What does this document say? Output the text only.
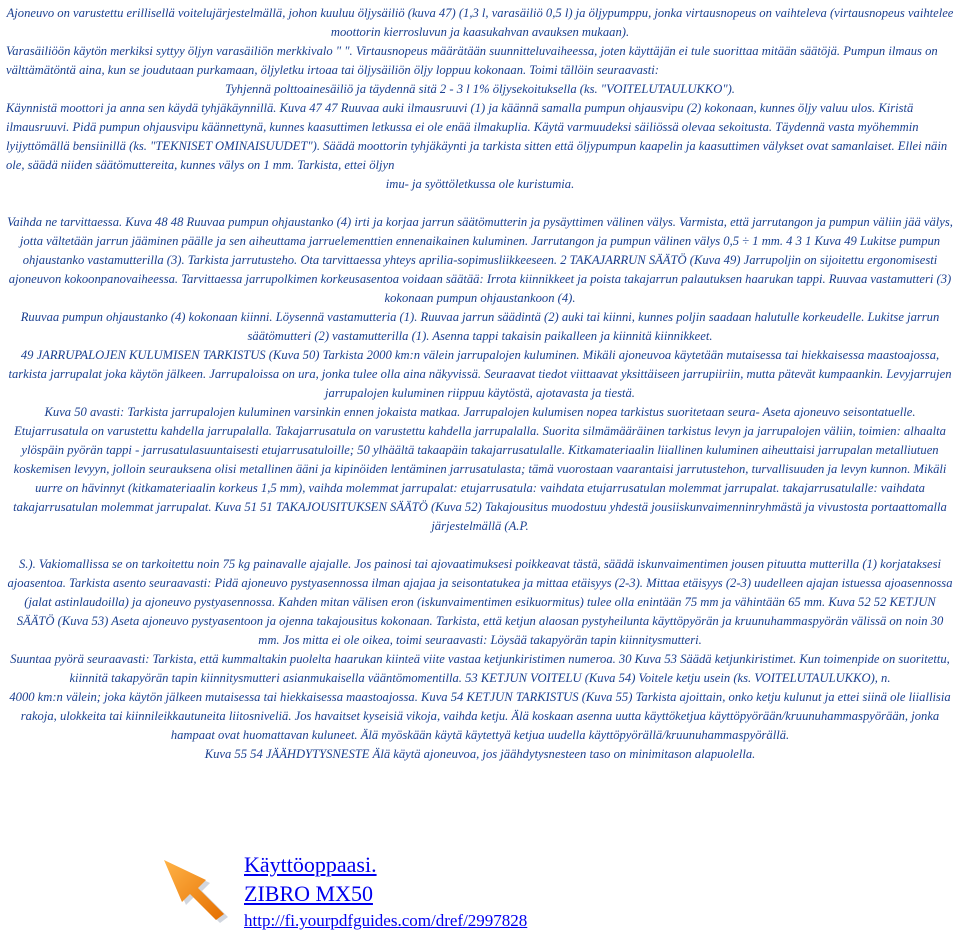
Ajoneuvo on varustettu erillisellä voitelujärjestelmällä, johon kuuluu öljysäiliö (kuva 47) (1,3 l, varasäiliö 0,5 l) ja öljypumppu, jonka virtausnopeus on vaihteleva (virtausnopeus vaihtelee moottorin kierrosluvun ja kaasukahvan avauksen mukaan).

Varasäiliöön käytön merkiksi syttyy öljyn varasäiliön merkkivalo " ". Virtausnopeus määrätään suunnitteluvaiheessa, joten käyttäjän ei tule suorittaa mitään säätöjä. Pumpun ilmaus on välttämätöntä aina, kun se joudutaan purkamaan, öljyletku irtoaa tai öljysäiliön öljy loppuu kokonaan. Toimi tällöin seuraavasti:

Tyhjennä polttoainesäiliö ja täydennä sitä 2 - 3 l 1% öljysekoituksella (ks. "VOITELUTAULUKKO").

Käynnistä moottori ja anna sen käydä tyhjäkäynnillä. Kuva 47 47 Ruuvaa auki ilmausruuvi (1) ja käännä samalla pumpun ohjausvipu (2) kokonaan, kunnes öljy valuu ulos. Kiristä ilmausruuvi. Pidä pumpun ohjausvipu käännettynä, kunnes kaasuttimen letkussa ei ole enää ilmakuplia. Käytä varmuudeksi säiliössä olevaa sekoitusta. Täydennä vasta myöhemmin lyijyttömällä bensiinillä (ks. "TEKNISET OMINAISUUDET"). Säädä moottorin tyhjäkäynti ja tarkista sitten että öljypumpun kaapelin ja kaasuttimen välykset ovat samanlaiset. Ellei näin ole, säädä niiden säätömuttereita, kunnes välys on 1 mm. Tarkista, ettei öljyn

imu- ja syöttöletkussa ole kuristumia.

Vaihda ne tarvittaessa. Kuva 48 48 Ruuvaa pumpun ohjaustanko (4) irti ja korjaa jarrun säätömutterin ja pysäyttimen välinen välys. Varmista, että jarrutangon ja pumpun väliin jää välys, jotta vältetään jarrun jääminen päälle ja sen aiheuttama jarruelementtien ennenaikainen kuluminen. Jarrutangon ja pumpun välinen välys 0,5 ÷ 1 mm. 4 3 1 Kuva 49 Lukitse pumpun ohjaustanko vastamutterilla (3). Tarkista jarrutusteho. Ota tarvittaessa yhteys aprilia-sopimusliikkeeseen. 2 TAKAJARRUN SÄÄTÖ (Kuva 49) Jarrupoljin on sijoitettu ergonomisesti ajoneuvon kokoonpanovaiheessa. Tarvittaessa jarrupolkimen korkeusasentoa voidaan säätää: Irrota kiinnikkeet ja poista takajarrun palautuksen haarukan tappi. Ruuvaa vastamutteri (3) kokonaan pumpun ohjaustankoon (4).

Ruuvaa pumpun ohjaustanko (4) kokonaan kiinni. Löysennä vastamutteria (1). Ruuvaa jarrun säädintä (2) auki tai kiinni, kunnes poljin saadaan halutulle korkeudelle. Lukitse jarrun säätömutteri (2) vastamutterilla (1). Asenna tappi takaisin paikalleen ja kiinnitä kiinnikkeet.

49 JARRUPALOJEN KULUMISEN TARKISTUS (Kuva 50) Tarkista 2000 km:n välein jarrupalojen kuluminen. Mikäli ajoneuvoa käytetään mutaisessa tai hiekkaisessa maastoajossa, tarkista jarrupalat joka käytön jälkeen. Jarrupaloissa on ura, jonka tulee olla aina näkyvissä. Seuraavat tiedot viittaavat yksittäiseen jarrupiiriin, mutta pätevät kumpaankin. Levyjarrujen jarrupalojen kuluminen riippuu käytöstä, ajotavasta ja tiestä.

Kuva 50 avasti: Tarkista jarrupalojen kuluminen varsinkin ennen jokaista matkaa. Jarrupalojen kulumisen nopea tarkistus suoritetaan seura- Aseta ajoneuvo seisontatuelle. Etujarrusatula on varustettu kahdella jarrupalalla. Takajarrusatula on varustettu kahdella jarrupalalla. Suorita silmämääräinen tarkistus levyn ja jarrupalojen väliin, toimien: alhaalta ylöspäin pyörän tappi - jarrusatulasuuntaisesti etujarrusatuloille; 50 ylhäältä takaapäin takajarrusatulalle. Kitkamateriaalin liiallinen kuluminen aiheuttaisi jarrupalan metalliutuen koskemisen levyyn, jolloin seurauksena olisi metallinen ääni ja kipinöiden lentäminen jarrusatulasta; tämä vuorostaan vaarantaisi jarrutustehon, turvallisuuden ja levyn kunnon. Mikäli uurre on hävinnyt (kitkamateriaalin korkeus 1,5 mm), vaihda molemmat jarrupalat: etujarrusatula: vaihdata etujarrusatulan molemmat jarrupalat. takajarrusatulalle: vaihdata takajarrusatulan molemmat jarrupalat. Kuva 51 51 TAKAJOUSITUKSEN SÄÄTÖ (Kuva 52) Takajousitus muodostuu yhdestä jousiiskunvaimenninryhmästä ja vivustosta portaattomalla järjestelmällä (A.P.

S.). Vakiomallissa se on tarkoitettu noin 75 kg painavalle ajajalle. Jos painosi tai ajovaatimuksesi poikkeavat tästä, säädä iskunvaimentimen jousen pituutta mutterilla (1) korjataksesi ajoasentoa. Tarkista asento seuraavasti: Pidä ajoneuvo pystyasennossa ilman ajajaa ja seisontatukea ja mittaa etäisyys (2-3). Mittaa etäisyys (2-3) uudelleen ajajan istuessa ajoasennossa (jalat astinlaudoilla) ja ajoneuvo pystyasennossa. Kahden mitan välisen eron (iskunvaimentimen esikuormitus) tulee olla enintään 75 mm ja vähintään 65 mm. Kuva 52 52 KETJUN SÄÄTÖ (Kuva 53) Aseta ajoneuvo pystyasentoon ja ojenna takajousitus kokonaan. Tarkista, että ketjun alaosan pystyheilunta käyttöpyörän ja kruunuhammaspyörän välissä on noin 30 mm. Jos mitta ei ole oikea, toimi seuraavasti: Löysää takapyörän tapin kiinnitysmutteri.

Suuntaa pyörä seuraavasti: Tarkista, että kummaltakin puolelta haarukan kiinteä viite vastaa ketjunkiristimen numeroa. 30 Kuva 53 Säädä ketjunkiristimet. Kun toimenpide on suoritettu, kiinnitä takapyörän tapin kiinnitysmutteri asianmukaisella vääntömomentilla. 53 KETJUN VOITELU (Kuva 54) Voitele ketju usein (ks. VOITELUTAULUKKO), n.

4000 km:n välein; joka käytön jälkeen mutaisessa tai hiekkaisessa maastoajossa. Kuva 54 KETJUN TARKISTUS (Kuva 55) Tarkista ajoittain, onko ketju kulunut ja ettei siinä ole liiallisia rakoja, ulokkeita tai kiinnileikkautuneita liitosniveliä. Jos havaitset kyseisiä vikoja, vaihda ketju. Älä koskaan asenna uutta käyttöketjua käyttöpyörään/kruunuhammaspyörään, jonka hampaat ovat huomattavan kuluneet. Älä myöskään käytä käytettyä ketjua uudella käyttöpyörällä/kruunuhammaspyörällä.

Kuva 55 54 JÄÄHDYTYSNESTE Älä käytä ajoneuvoa, jos jäähdytysnesteen taso on minimitason alapuolella.

Käyttöoppaasi.
ZIBRO MX50
http://fi.yourpdfguides.com/dref/2997828
